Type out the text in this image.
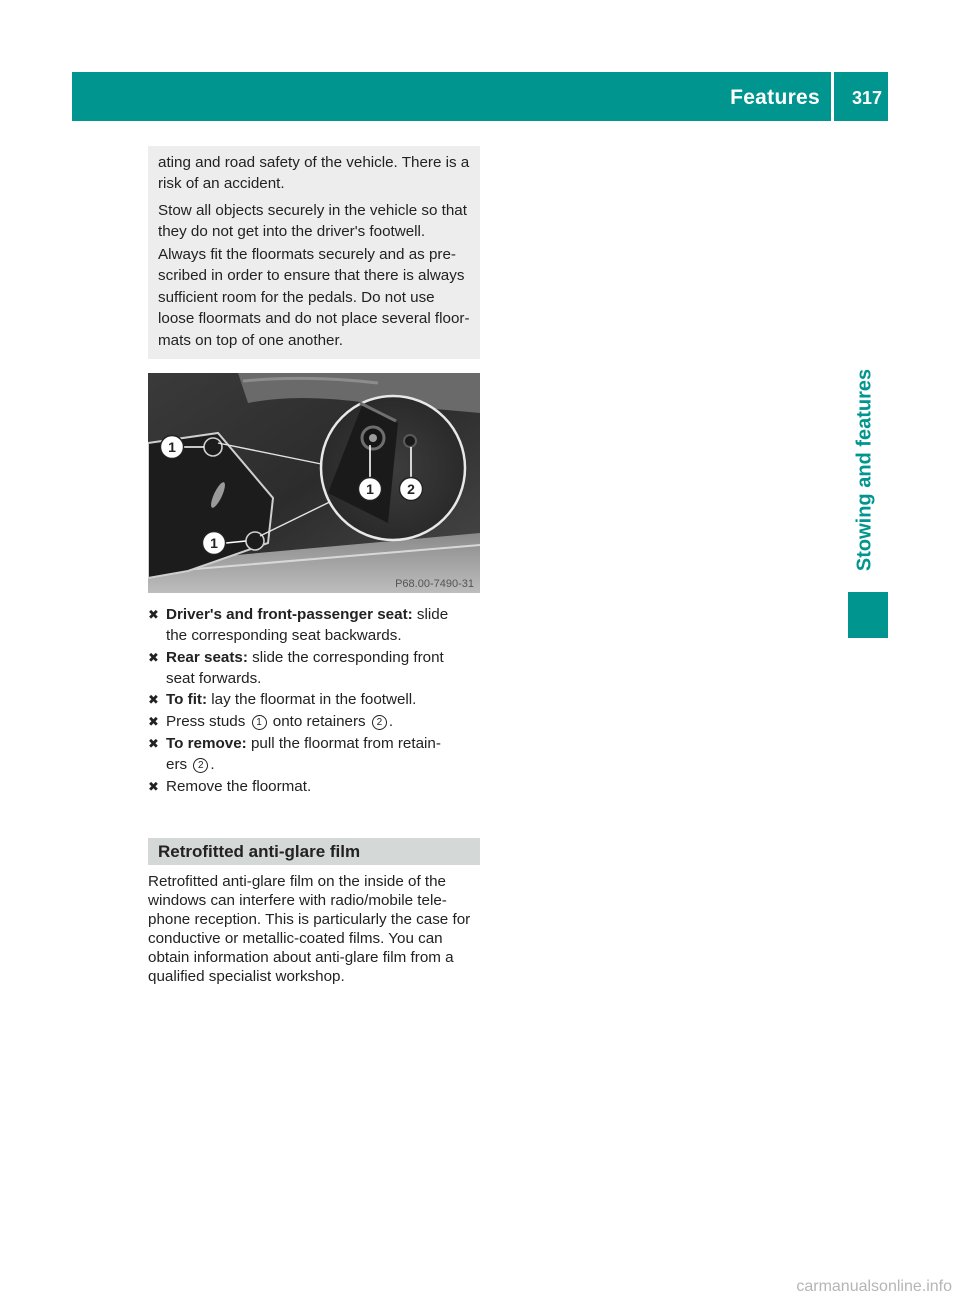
Features 317
Stowing and features

ating and road safety of the vehicle. There is a

risk of an accident.

Stow all objects securely in the vehicle so that

they do not get into the driver's footwell.

Always fit the floormats securely and as pre-

scribed in order to ensure that there is always

sufficient room for the pedals. Do not use

loose floormats and do not place several floor-

mats on top of one another.

1
1
1 2
P68.00-7490-31
✖ Driver's and front-passenger seat: slide
the corresponding seat backwards.
✖ Rear seats: slide the corresponding front
seat forwards.
✖ To fit: lay the floormat in the footwell.
✖ Press studs 1 onto retainers 2 .
✖ To remove: pull the floormat from retain-
ers 2 .
✖ Remove the floormat.
Retrofitted anti-glare film
Retrofitted anti-glare film on the inside of the
windows can interfere with radio/mobile tele-
phone reception. This is particularly the case for
conductive or metallic-coated films. You can
obtain information about anti-glare film from a
qualified specialist workshop.
carmanualsonline.info
